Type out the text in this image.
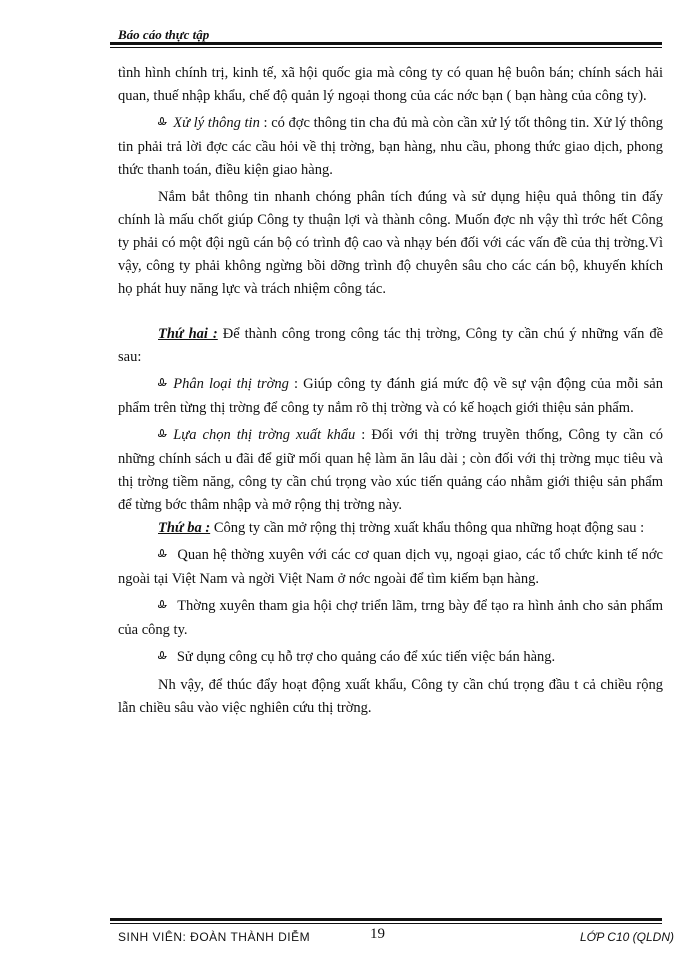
Báo cáo thực tập

tình hình chính trị, kinh tế, xã hội quốc gia mà công ty có quan hệ buôn bán; chính sách hải quan, thuế nhập khẩu, chế độ quản lý ngoại thong của các nớc bạn ( bạn hàng của công ty).

Ꮂ Xử lý thông tin : có đợc thông tin cha đủ mà còn cần xử lý tốt thông tin. Xử lý thông tin phải trả lời đợc các cầu hỏi về thị trờng, bạn hàng, nhu cầu, phong thức giao dịch, phong thức thanh toán, điều kiện giao hàng.

Nắm bắt thông tin nhanh chóng phân tích đúng và sử dụng hiệu quả thông tin đấy chính là mấu chốt giúp Công ty thuận lợi và thành công. Muốn đợc nh vậy thì trớc hết Công ty phải có một đội ngũ cán bộ có trình độ cao và nhạy bén đối với các vấn đề của thị trờng.Vì vậy, công ty phải không ngừng bồi dỡng trình độ chuyên sâu cho các cán bộ, khuyến khích họ phát huy năng lực và trách nhiệm công tác.

Thứ hai : Để thành công trong công tác thị trờng, Công ty cần chú ý những vấn đề sau:

Ꮂ Phân loại thị trờng : Giúp công ty đánh giá mức độ về sự vận động của mỗi sản phẩm trên từng thị trờng để công ty nắm rõ thị trờng và có kế hoạch giới thiệu sản phẩm.

Ꮂ Lựa chọn thị trờng xuất khẩu : Đối với thị trờng truyền thống, Công ty cần có những chính sách u đãi để giữ mối quan hệ làm ăn lâu dài ; còn đối với thị trờng mục tiêu và thị trờng tiềm năng, công ty cần chú trọng vào xúc tiến quảng cáo nhằm giới thiệu sản phẩm để từng bớc thâm nhập và mở rộng thị trờng này.

Thứ ba : Công ty cần mở rộng thị trờng xuất khẩu thông qua những hoạt động sau :

Ꮂ Quan hệ thờng xuyên với các cơ quan dịch vụ, ngoại giao, các tổ chức kinh tế nớc ngoài tại Việt Nam và ngời Việt Nam ở nớc ngoài để tìm kiếm bạn hàng.

Ꮂ Thờng xuyên tham gia hội chợ triển lãm, trng bày để tạo ra hình ảnh cho sản phẩm của công ty.

Ꮂ Sử dụng công cụ hỗ trợ cho quảng cáo để xúc tiến việc bán hàng.

Nh vậy, để thúc đẩy hoạt động xuất khẩu, Công ty cần chú trọng đầu t cả chiều rộng lẫn chiều sâu vào việc nghiên cứu thị trờng.

SINH VIÊN: ĐOÀN THÀNH DIỄM	19	LỚP C10 (QLDN)
